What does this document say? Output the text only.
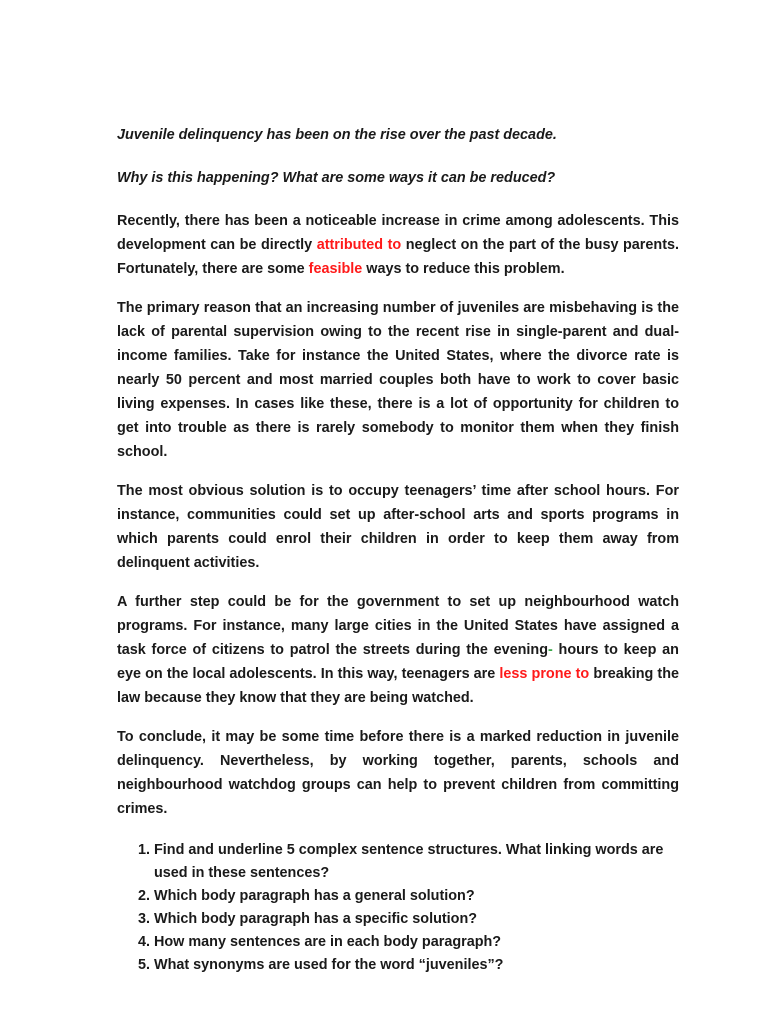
Juvenile delinquency has been on the rise over the past decade.

Why is this happening? What are some ways it can be reduced?

Recently, there has been a noticeable increase in crime among adolescents. This development can be directly attributed to neglect on the part of the busy parents. Fortunately, there are some feasible ways to reduce this problem.

The primary reason that an increasing number of juveniles are misbehaving is the lack of parental supervision owing to the recent rise in single-parent and dual-income families. Take for instance the United States, where the divorce rate is nearly 50 percent and most married couples both have to work to cover basic living expenses. In cases like these, there is a lot of opportunity for children to get into trouble as there is rarely somebody to monitor them when they finish school.

The most obvious solution is to occupy teenagers’ time after school hours. For instance, communities could set up after-school arts and sports programs in which parents could enrol their children in order to keep them away from delinquent activities.

A further step could be for the government to set up neighbourhood watch programs. For instance, many large cities in the United States have assigned a task force of citizens to patrol the streets during the evening- hours to keep an eye on the local adolescents. In this way, teenagers are less prone to breaking the law because they know that they are being watched.

To conclude, it may be some time before there is a marked reduction in juvenile delinquency. Nevertheless, by working together, parents, schools and neighbourhood watchdog groups can help to prevent children from committing crimes.

1. Find and underline 5 complex sentence structures. What linking words are used in these sentences?
2. Which body paragraph has a general solution?
3. Which body paragraph has a specific solution?
4. How many sentences are in each body paragraph?
5. What synonyms are used for the word “juveniles”?
